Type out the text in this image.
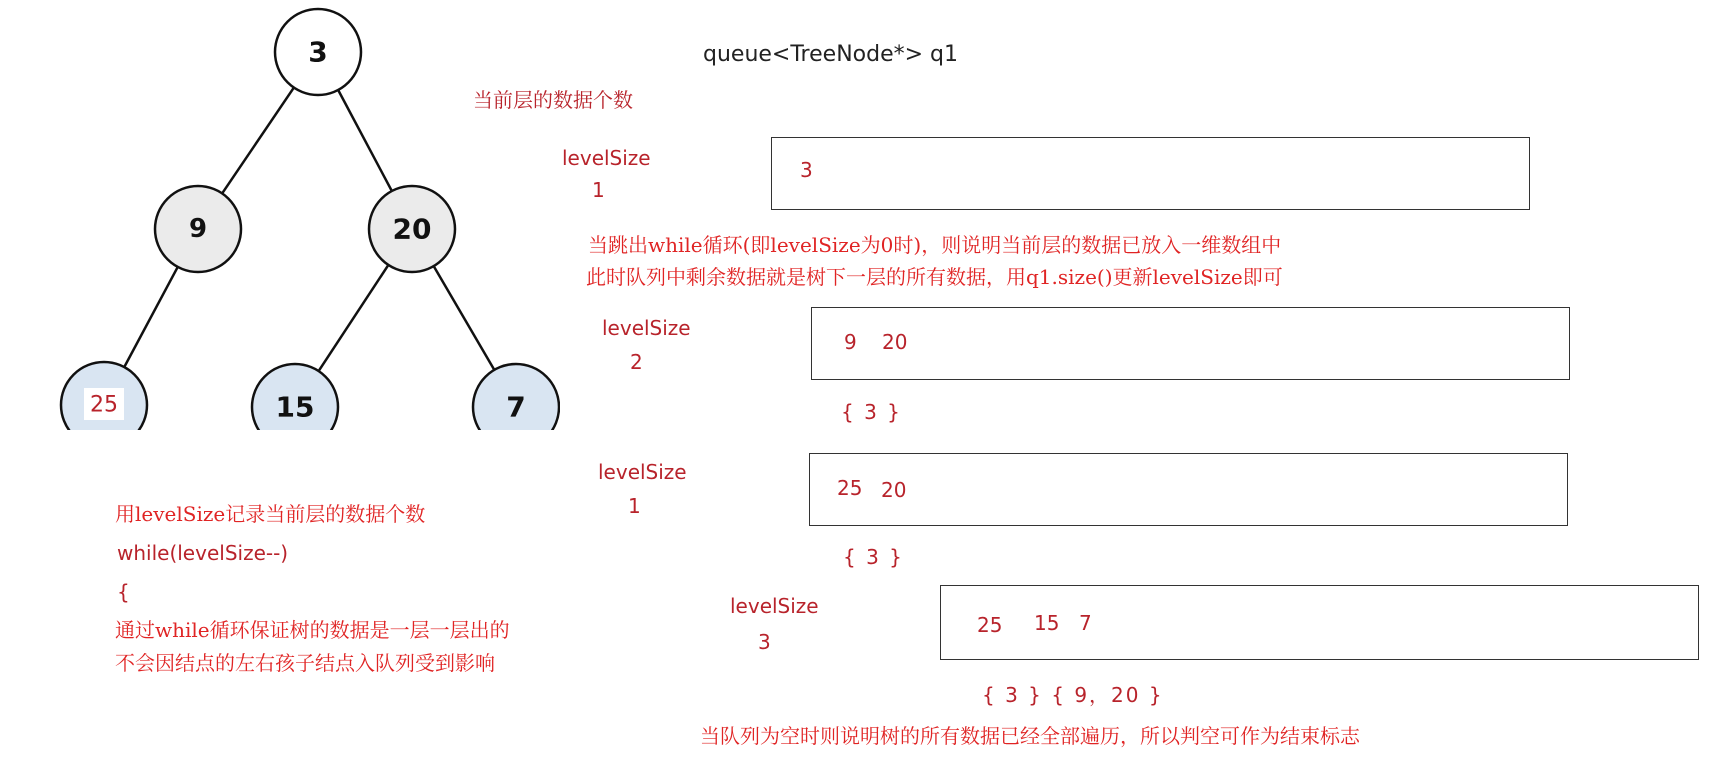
3
9	20
25	15	7
queue<TreeNode*> q1
当前层的数据个数
levelSize
1
3
当跳出while循环(即levelSize为0时)，则说明当前层的数据已放入一维数组中
此时队列中剩余数据就是树下一层的所有数据，用q1.size()更新levelSize即可
levelSize
2
9 20
{ 3 }
levelSize
1
25 20
{ 3 }
levelSize
3
25 15 7
{ 3 } { 9，20 }
用levelSize记录当前层的数据个数
while(levelSize--)
{
通过while循环保证树的数据是一层一层出的
不会因结点的左右孩子结点入队列受到影响
当队列为空时则说明树的所有数据已经全部遍历，所以判空可作为结束标志
